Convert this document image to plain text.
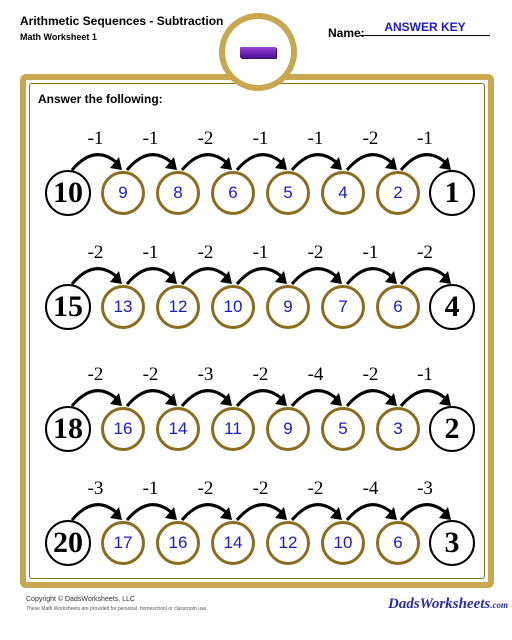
Arithmetic Sequences - Subtraction
Math Worksheet 1	Name:	ANSWER KEY
Answer the following:
-1	-1	-2	-1	-1	-2	-1
10	9	8	6	5	4	2	1
-2	-1	-2	-1	-2	-1	-2
15	13	12	10	9	7	6	4
-2	-2	-3	-2	-4	-2	-1
18	16	14	11	9	5	3	2
-3	-1	-2	-2	-2	-4	-3
20	17	16	14	12	10	6	3
Copyright © DadsWorksheets, LLC
These Math Worksheets are provided for personal, homeschool or classroom use.	DadsWorksheets.com
